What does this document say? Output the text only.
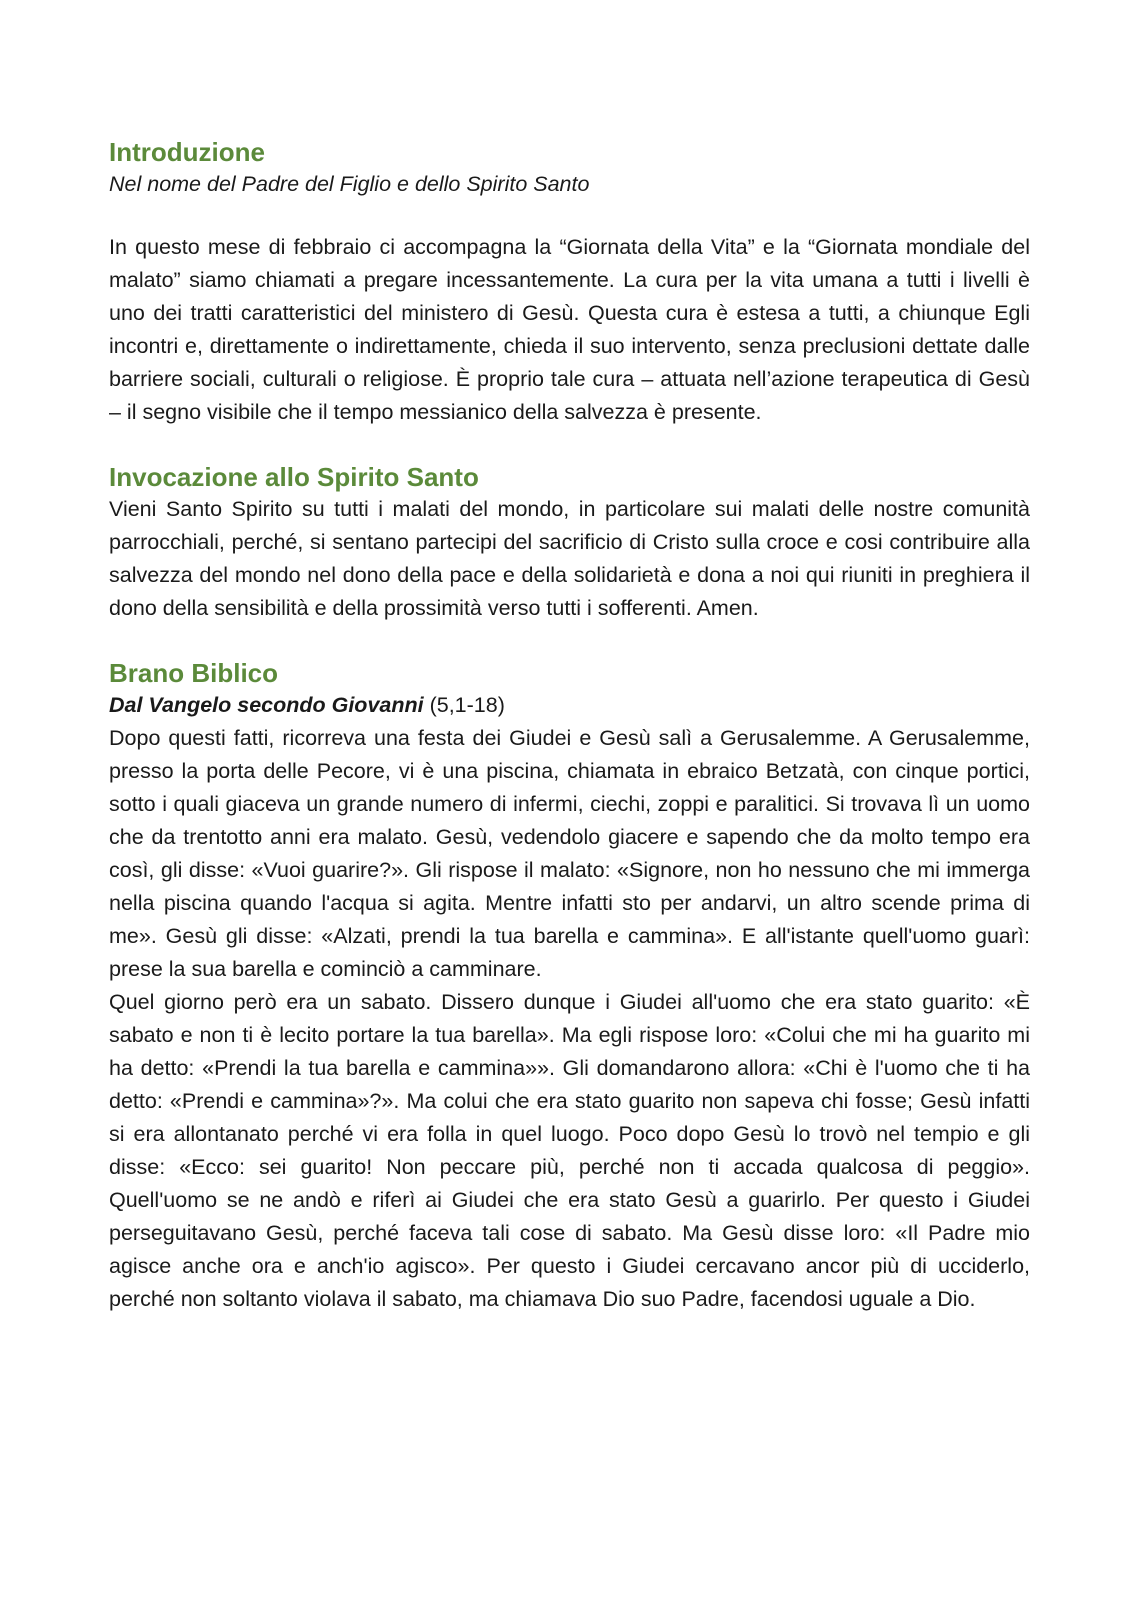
Introduzione

Nel nome del Padre del Figlio e dello Spirito Santo

In questo mese di febbraio ci accompagna la “Giornata della Vita” e la “Giornata mondiale del malato” siamo chiamati a pregare incessantemente. La cura per la vita umana a tutti i livelli è uno dei tratti caratteristici del ministero di Gesù. Questa cura è estesa a tutti, a chiunque Egli incontri e, direttamente o indirettamente, chieda il suo intervento, senza preclusioni dettate dalle barriere sociali, culturali o religiose. È proprio tale cura – attuata nell’azione terapeutica di Gesù – il segno visibile che il tempo messianico della salvezza è presente.

Invocazione allo Spirito Santo

Vieni Santo Spirito su tutti i malati del mondo, in particolare sui malati delle nostre comunità parrocchiali, perché, si sentano partecipi del sacrificio di Cristo sulla croce e cosi contribuire alla salvezza del mondo nel dono della pace e della solidarietà e dona a noi qui riuniti in preghiera il dono della sensibilità e della prossimità verso tutti i sofferenti. Amen.

Brano Biblico

Dal Vangelo secondo Giovanni (5,1-18)

Dopo questi fatti, ricorreva una festa dei Giudei e Gesù salì a Gerusalemme. A Gerusalemme, presso la porta delle Pecore, vi è una piscina, chiamata in ebraico Betzatà, con cinque portici, sotto i quali giaceva un grande numero di infermi, ciechi, zoppi e paralitici. Si trovava lì un uomo che da trentotto anni era malato. Gesù, vedendolo giacere e sapendo che da molto tempo era così, gli disse: «Vuoi guarire?». Gli rispose il malato: «Signore, non ho nessuno che mi immerga nella piscina quando l'acqua si agita. Mentre infatti sto per andarvi, un altro scende prima di me». Gesù gli disse: «Alzati, prendi la tua barella e cammina». E all'istante quell'uomo guarì: prese la sua barella e cominciò a camminare.

Quel giorno però era un sabato. Dissero dunque i Giudei all'uomo che era stato guarito: «È sabato e non ti è lecito portare la tua barella». Ma egli rispose loro: «Colui che mi ha guarito mi ha detto: «Prendi la tua barella e cammina»». Gli domandarono allora: «Chi è l'uomo che ti ha detto: «Prendi e cammina»?». Ma colui che era stato guarito non sapeva chi fosse; Gesù infatti si era allontanato perché vi era folla in quel luogo. Poco dopo Gesù lo trovò nel tempio e gli disse: «Ecco: sei guarito! Non peccare più, perché non ti accada qualcosa di peggio». Quell'uomo se ne andò e riferì ai Giudei che era stato Gesù a guarirlo. Per questo i Giudei perseguitavano Gesù, perché faceva tali cose di sabato. Ma Gesù disse loro: «Il Padre mio agisce anche ora e anch'io agisco». Per questo i Giudei cercavano ancor più di ucciderlo, perché non soltanto violava il sabato, ma chiamava Dio suo Padre, facendosi uguale a Dio.
